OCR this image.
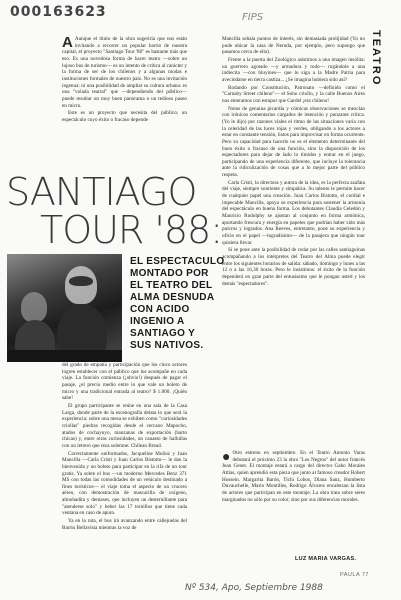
000163623	FIPS
Nº 534, Apo, Septiembre 1988
TEATRO

A Aunque el título de la obra sugeriría que nos están invitando a recorrer un popular barrio de nuestra capital, el proyecto "Santiago Tour '88" es bastante más que eso. Es una novedosa forma de hacer teatro —sobre un lujoso bus de turismo— es un intento de crítica al carácter y la forma de ser de los chilenos y a algunas modas e instituciones formales de nuestro país. No es una invitación ingenua: ni una posibilidad de ampliar su cultura urbana: es una "volada teatral" que —dependiendo del público— puede resultar un muy buen panorama o un tedioso paseo en micro.

Este es un proyecto que necesita del público; un espectáculo cuyo éxito o fracaso depende

SANTIAGO
TOUR '88:
EL ESPECTACULO
MONTADO POR
EL TEATRO DEL
ALMA DESNUDA
CON ACIDO
INGENIO A
SANTIAGO Y
SUS NATIVOS.

del grado de empatía y participación que los cinco actores logren establecer con el público que los acompañe en cada viaje. La función comienza (¡obvio!) después de pagar el pasaje, ¿el precio medio entre lo que vale un boleto de micro y una tradicional entrada al teatro? $ 1.000. ¡Quién sabe!

El grupo participante se reúne en una sala de la Casa Larga, donde parte de la escenografía delata lo que será la experiencia: sobre una mesa se exhiben como "curiosidades criollas" piedras recogidas desde el cercano Mapocho, atados de cochayuyo, manzanas de exportación (harto chicas) y, entre otras curiosidades, un canasto de hallullas con un letrero que reza solemne: Chilean Bread.

Correctamente uniformados, Jacqueline Muñoz y Juan Mancilla —Carla Cristi y Juan Carlos Bistotto— le dan la bienvenida y un boleto para participar en la rifa de un tour gratis. Ya sobre el bus —un moderno Mercedes Benz 371 MS con todas las comodidades de un vehículo destinado a fines turísticos— el viaje toma el aspecto de un crucero aéreo, con demostración de mascarilla de oxígeno, almohadita y demases, que incluyen un desternillante para "atenderse solo" y beber las 17 tornillos que tiene cada ventana en caso de apuro.

Ya en la ruta, el bus irá avanzando entre callejuelas del Barrio Bellavista mientras la voz de

Mancilla señala puntos de interés, sin demasiada prolijidad (Yo no pude ubicar la casa de Neruda, por ejemplo, pero supongo que pasamos cerca de ella).

Frente a la puerta del Zoológico asistimos a una imagen insólita: un guerrero agotado —y armadura y todo— rogándole a una indiecita —con bluyines— que lo siga a la Madre Patria para avecindarse en tierra castiza... ¿Se imagina hubiera sido así?

Rodando por Constitución, Patronato —definido como el "Carnaby Street chileno"— el Soho criollo, y la calle Buenos Aires nos enteramos con estupor que Gardel ¡era chileno!

Notas de genuina picardía y cómicas observaciones se mezclan con irónicos comentarios cargados de intención y punzante crítica. (Yo le dijo) por razones viales el ritmo de las situaciones varía con la celeridad de las luces rojas y verdes, obligando a los actores a estar en constante tensión, listos para improvisar en forma ocurrente. Pero su capacidad para hacerlo no es el elemento determinante del buen éxito o fracaso de una función, sino la disposición de los espectadores para dejar de lado lo tímidos y entrar en el juego, participando de una experiencia diferente, que incluye la tolerancia ante la ridiculización de cosas que a lo mejor parte del público respeta.

Carla Cristi, la directora y autora de la idea, es la perfecta azafata del viaje, siempre sonriente y simpática. Su talento le permite hacer de cualquier papel una creación. Juan Carlos Bistotto, el cordial e impecable Mancilla, apoya su experiencia para sostener la armonía del espectáculo en buena forma. Los debutantes Claudia Celedón y Mauricio Rudolphy se ajustan al conjunto en forma armónica, aportando frescura y energía en papeles que podrían haber sido más pulcros y logrados. Ana Reeves, entretanto, pone su experiencia y oficio en el papel —logradísimo— de la pasajera que ningún tour quisiera llevar.

Si se pone ante la posibilidad de rodar por las calles santiaguinas acompañando a los intérpretes del Teatro del Alma puede elegir entre los siguientes horarios de salida: sábado, domingo y lunes a las 12 o a las 16,30 horas. Pero le insistimos: el éxito de la función dependerá en gran parte del entusiasmo que le pongan usted y los demás "espectadores".

● Otro estreno en septiembre. En el Teatro Antonio Varas debutará el próximo 23 la obra "Los Negros" del autor francés Jean Genet. El montaje estará a cargo del director Gabo Morales Attias, quien aprendió esta pieza que junto al famoso creador Robert Hossein. Margarita Barón, Tichi Lobos, Diana Sanz, Humberto Duvauchelle, Mario Montilles, Rodrigo Álvarez encabezan la lista de actores que participan en este montaje. La obra trata sobre seres marginados no sólo por su color, sino por sus diferencias morales.

LUZ MARIA VARGAS.
PAULA 77
